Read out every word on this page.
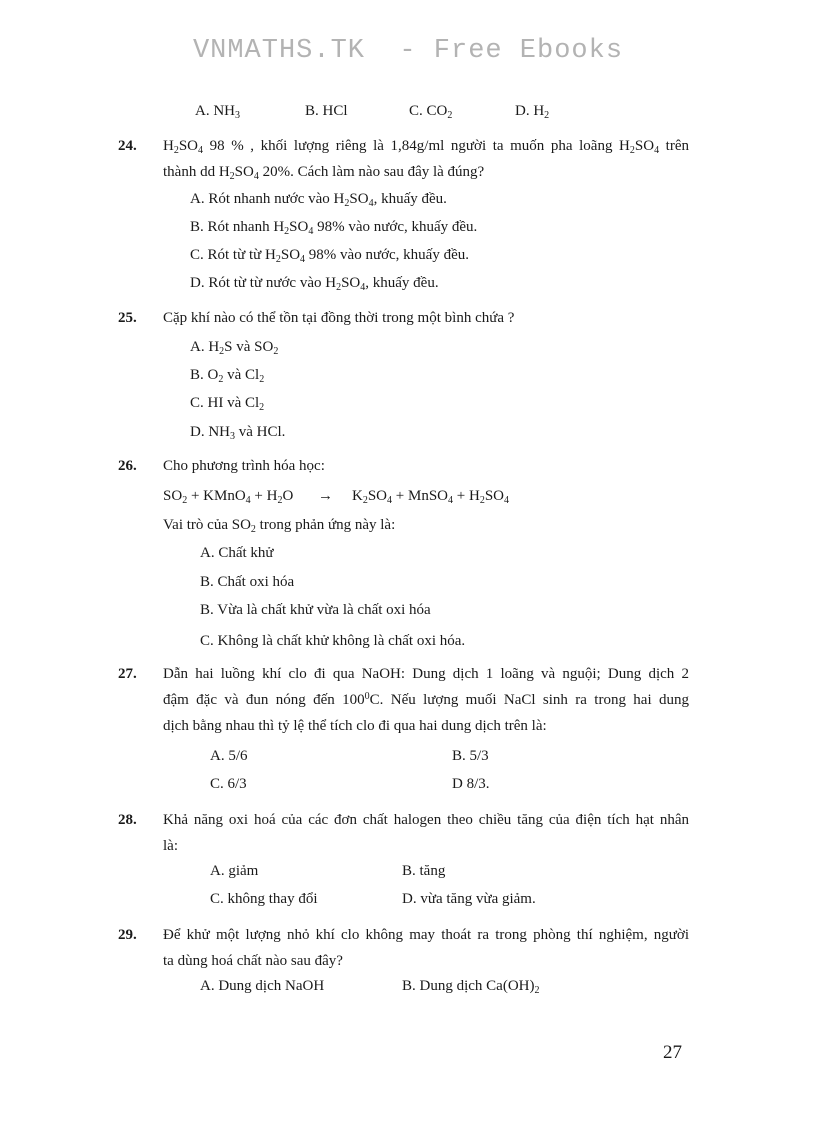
VNMATHS.TK  - Free Ebooks
A. $NH_3$	B. HCl	C. $CO_2$	D. $H_2$
24. $H_2SO_4$ 98 % , khối lượng riêng là 1,84g/ml người ta muốn pha loãng $H_2SO_4$ trên
thành dd $H_2SO_4$ 20%. Cách làm nào sau đây là đúng?
A. Rót nhanh nước vào $H_2SO_4$, khuấy đều.
B. Rót nhanh $H_2SO_4$ 98% vào nước, khuấy đều.
C. Rót từ từ $H_2SO_4$ 98% vào nước, khuấy đều.
D. Rót từ từ nước vào $H_2SO_4$, khuấy đều.
25. Cặp khí nào có thể tồn tại đồng thời trong một bình chứa ?
A. $H_2S$ và $SO_2$
B. $O_2$ và $Cl_2$
C. HI và $Cl_2$
D. $NH_3$ và HCl.
26. Cho phương trình hóa học:
$SO_2$ + KMnO$_4$ + $H_2O \to K_2SO_4$ + MnSO$_4$ + $H_2SO_4$
Vai trò của $SO_2$ trong phản ứng này là:
A. Chất khử
B. Chất oxi hóa
B. Vừa là chất khử vừa là chất oxi hóa
C. Không là chất khử không là chất oxi hóa.
27. Dẫn hai luồng khí clo đi qua NaOH: Dung dịch 1 loãng và nguội; Dung dịch 2
đậm đặc và đun nóng đến $100^0C$. Nếu lượng muối NaCl sinh ra trong hai dung
dịch bằng nhau thì tỷ lệ thể tích clo đi qua hai dung dịch trên là:
A. 5/6	B. 5/3
C. 6/3	D 8/3.
28. Khả năng oxi hoá của các đơn chất halogen theo chiều tăng của điện tích hạt nhân
là:
A. giảm	B. tăng
C. không thay đổi	D. vừa tăng vừa giảm.
29. Để khử một lượng nhỏ khí clo không may thoát ra trong phòng thí nghiệm, người
ta dùng hoá chất nào sau đây?
A. Dung dịch NaOH	B. Dung dịch $Ca(OH)_2$
27
